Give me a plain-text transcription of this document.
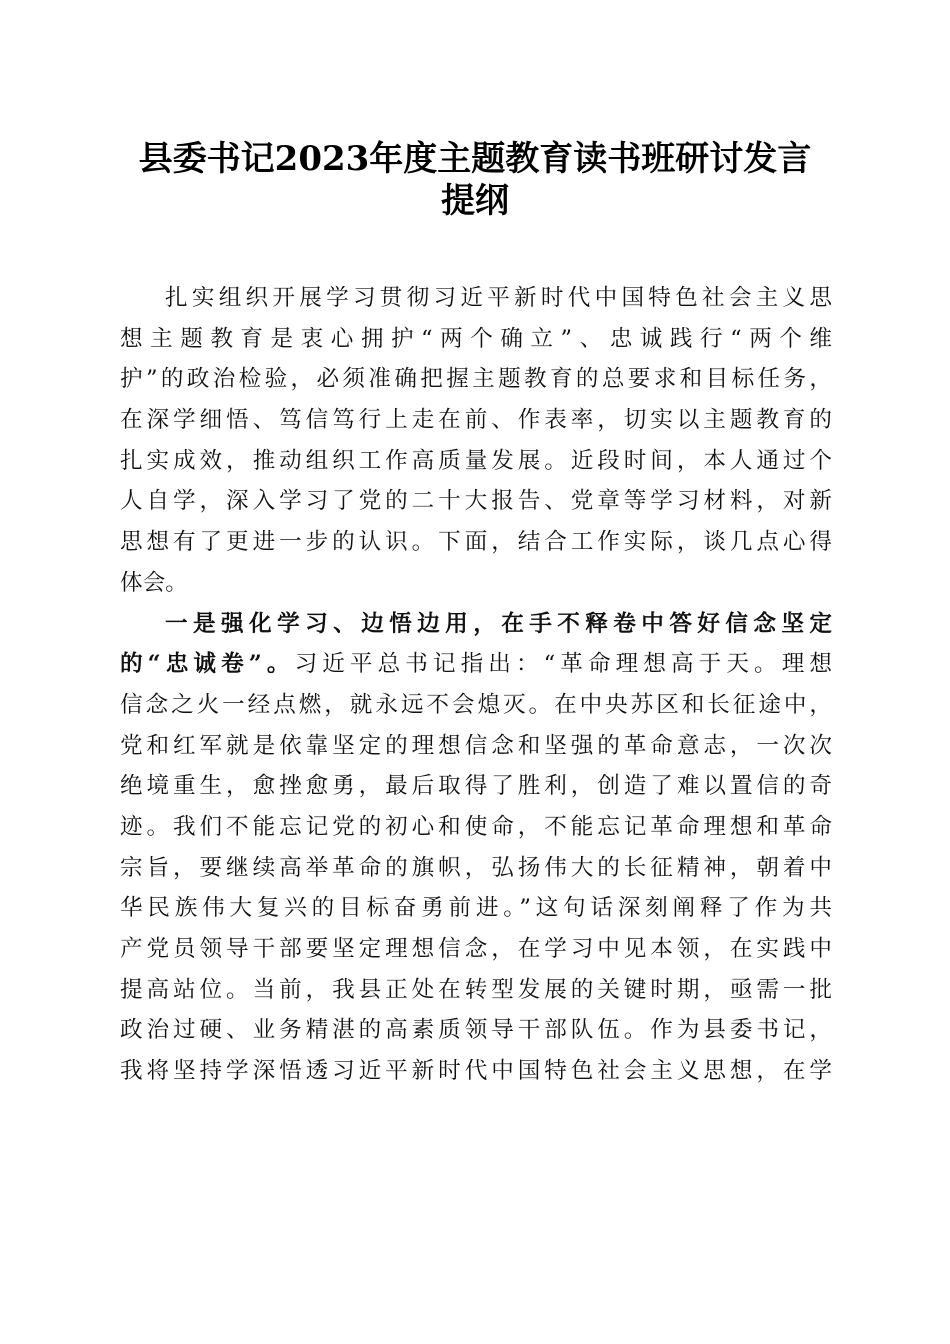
县委书记2023年度主题教育读书班研讨发言
提纲
扎实组织开展学习贯彻习近平新时代中国特色社会主义思
想主题教育是衷心拥护“两个确立”、忠诚践行“两个维
护”的政治检验，必须准确把握主题教育的总要求和目标任务，
在深学细悟、笃信笃行上走在前、作表率，切实以主题教育的
扎实成效，推动组织工作高质量发展。近段时间，本人通过个
人自学，深入学习了党的二十大报告、党章等学习材料，对新
思想有了更进一步的认识。下面，结合工作实际，谈几点心得
体会。
一是强化学习、边悟边用，在手不释卷中答好信念坚定
的“忠诚卷”。习近平总书记指出：“革命理想高于天。理想
信念之火一经点燃，就永远不会熄灭。在中央苏区和长征途中，
党和红军就是依靠坚定的理想信念和坚强的革命意志，一次次
绝境重生，愈挫愈勇，最后取得了胜利，创造了难以置信的奇
迹。我们不能忘记党的初心和使命，不能忘记革命理想和革命
宗旨，要继续高举革命的旗帜，弘扬伟大的长征精神，朝着中
华民族伟大复兴的目标奋勇前进。”这句话深刻阐释了作为共
产党员领导干部要坚定理想信念，在学习中见本领，在实践中
提高站位。当前，我县正处在转型发展的关键时期，亟需一批
政治过硬、业务精湛的高素质领导干部队伍。作为县委书记，
我将坚持学深悟透习近平新时代中国特色社会主义思想，在学
